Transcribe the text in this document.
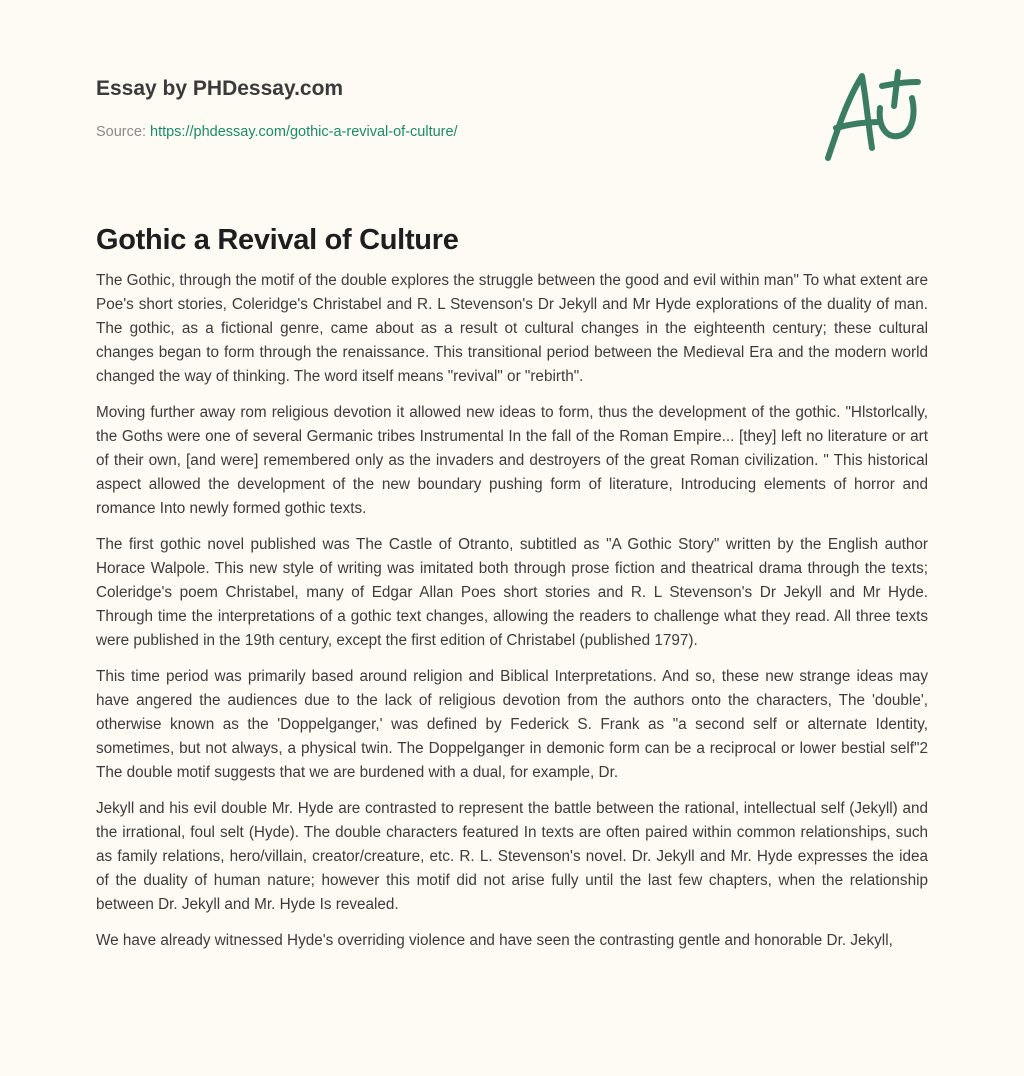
Essay by PHDessay.com
Source: https://phdessay.com/gothic-a-revival-of-culture/
Gothic a Revival of Culture

The Gothic, through the motif of the double explores the struggle between the good and evil within man" To what extent are Poe's short stories, Coleridge's Christabel and R. L Stevenson's Dr Jekyll and Mr Hyde explorations of the duality of man. The gothic, as a fictional genre, came about as a result ot cultural changes in the eighteenth century; these cultural changes began to form through the renaissance. This transitional period between the Medieval Era and the modern world changed the way of thinking. The word itself means "revival" or "rebirth".

Moving further away rom religious devotion it allowed new ideas to form, thus the development of the gothic. "Hlstorlcally, the Goths were one of several Germanic tribes Instrumental In the fall of the Roman Empire... [they] left no literature or art of their own, [and were] remembered only as the invaders and destroyers of the great Roman civilization. " This historical aspect allowed the development of the new boundary pushing form of literature, Introducing elements of horror and romance Into newly formed gothic texts.

The first gothic novel published was The Castle of Otranto, subtitled as "A Gothic Story" written by the English author Horace Walpole. This new style of writing was imitated both through prose fiction and theatrical drama through the texts; Coleridge's poem Christabel, many of Edgar Allan Poes short stories and R. L Stevenson's Dr Jekyll and Mr Hyde. Through time the interpretations of a gothic text changes, allowing the readers to challenge what they read. All three texts were published in the 19th century, except the first edition of Christabel (published 1797).

This time period was primarily based around religion and Biblical Interpretations. And so, these new strange ideas may have angered the audiences due to the lack of religious devotion from the authors onto the characters, The 'double', otherwise known as the 'Doppelganger,' was defined by Federick S. Frank as "a second self or alternate Identity, sometimes, but not always, a physical twin. The Doppelganger in demonic form can be a reciprocal or lower bestial self"2 The double motif suggests that we are burdened with a dual, for example, Dr.

Jekyll and his evil double Mr. Hyde are contrasted to represent the battle between the rational, intellectual self (Jekyll) and the irrational, foul selt (Hyde). The double characters featured In texts are often paired within common relationships, such as family relations, hero/villain, creator/creature, etc. R. L. Stevenson's novel. Dr. Jekyll and Mr. Hyde expresses the idea of the duality of human nature; however this motif did not arise fully until the last few chapters, when the relationship between Dr. Jekyll and Mr. Hyde Is revealed.

We have already witnessed Hyde's overriding violence and have seen the contrasting gentle and honorable Dr. Jekyll,
